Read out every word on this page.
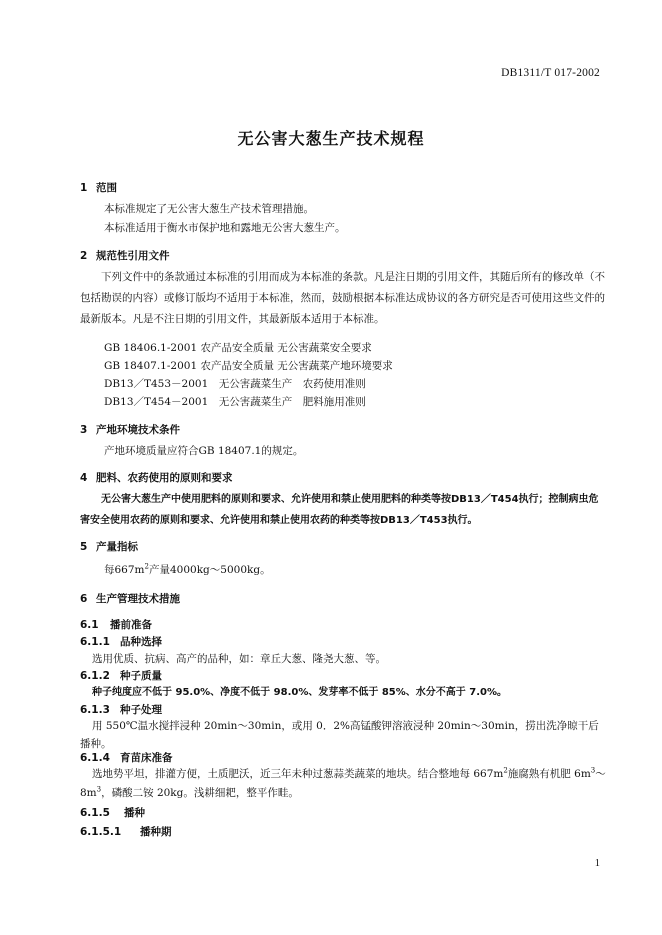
DB1311/T 017-2002
无公害大葱生产技术规程
1 范围
本标准规定了无公害大葱生产技术管理措施。
本标准适用于衡水市保护地和露地无公害大葱生产。
2 规范性引用文件
下列文件中的条款通过本标准的引用而成为本标准的条款。凡是注日期的引用文件，其随后所有的修改单（不包括勘误的内容）或修订版均不适用于本标准，然而，鼓励根据本标准达成协议的各方研究是否可使用这些文件的最新版本。凡是不注日期的引用文件，其最新版本适用于本标准。
GB 18406.1-2001 农产品安全质量 无公害蔬菜安全要求
GB 18407.1-2001 农产品安全质量 无公害蔬菜产地环境要求
DB13／T453－2001　无公害蔬菜生产　农药使用准则
DB13／T454－2001　无公害蔬菜生产　肥料施用准则
3 产地环境技术条件
产地环境质量应符合GB 18407.1的规定。
4 肥料、农药使用的原则和要求
无公害大葱生产中使用肥料的原则和要求、允许使用和禁止使用肥料的种类等按DB13／T454执行；控制病虫危害安全使用农药的原则和要求、允许使用和禁止使用农药的种类等按DB13／T453执行。
5 产量指标
每$667m^2$产量4000kg～5000kg。
6 生产管理技术措施
6.1 播前准备
6.1.1 品种选择
选用优质、抗病、高产的品种，如：章丘大葱、隆尧大葱、等。
6.1.2 种子质量
种子纯度应不低于 95.0%、净度不低于 98.0%、发芽率不低于 85%、水分不高于 7.0%。
6.1.3 种子处理
用 550℃温水搅拌浸种 20min～30min，或用 0．2%高锰酸钾溶液浸种 20min～30min，捞出洗净晾干后播种。
6.1.4 育苗床准备
选地势平坦，排灌方便，土质肥沃，近三年未种过葱蒜类蔬菜的地块。结合整地每 $667m^2$施腐熟有机肥 $6m^3\sim 8m^3$，磷酸二铵 20kg。浅耕细耙，整平作畦。
6.1.5 播种
6.1.5.1 播种期
1
